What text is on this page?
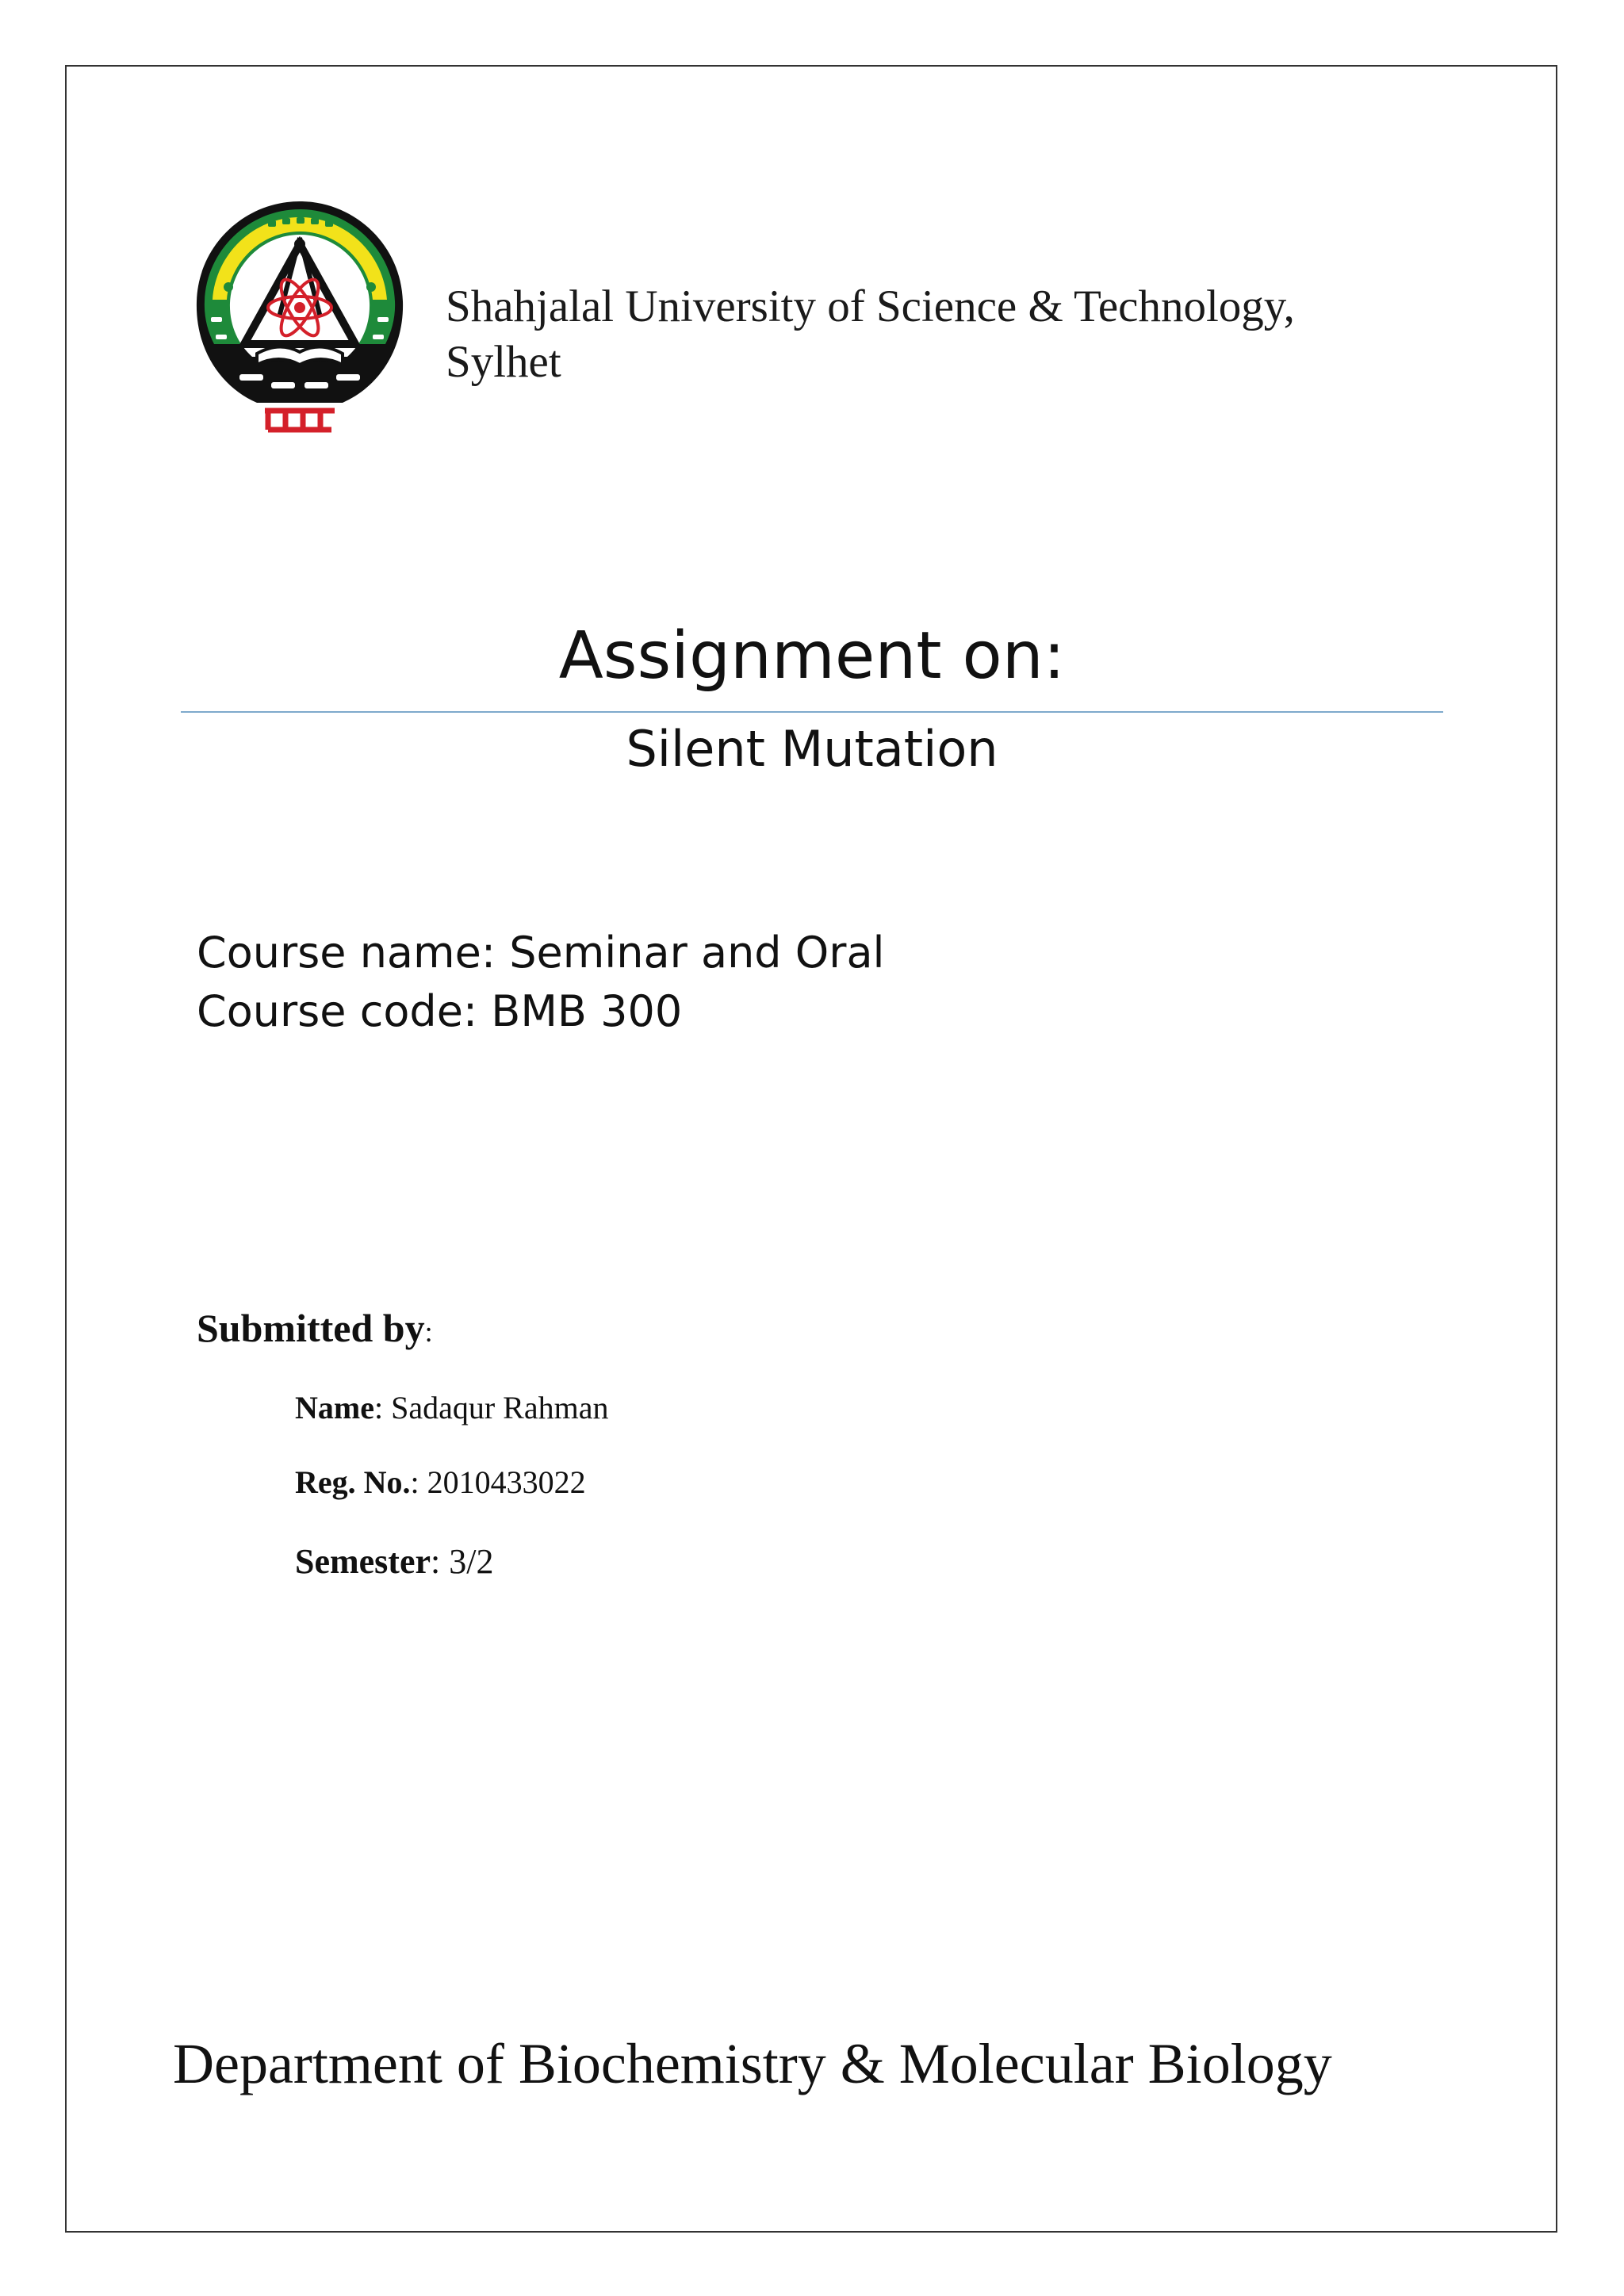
Shahjalal University of Science & Technology,
Sylhet
Assignment on:
Silent Mutation
Course name: Seminar and Oral
Course code: BMB 300
Submitted by:
Name: Sadaqur Rahman
Reg. No.: 2010433022
Semester: 3/2
Department of Biochemistry & Molecular Biology
